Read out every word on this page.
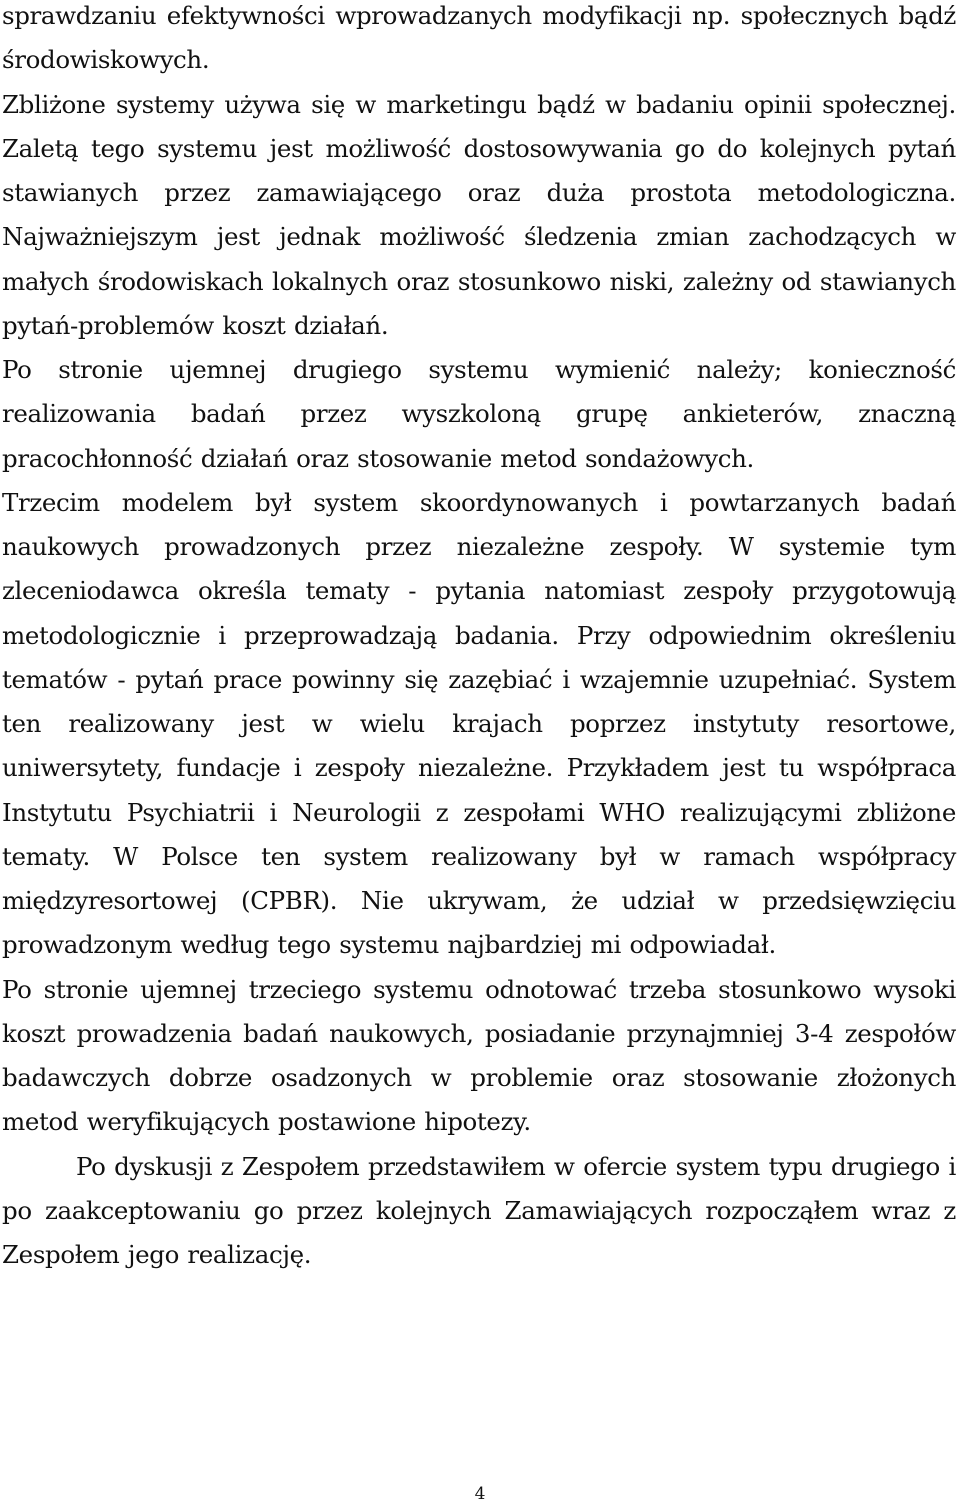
sprawdzaniu efektywności wprowadzanych modyfikacji np. społecznych bądź środowiskowych.

Zbliżone systemy używa się w marketingu bądź w badaniu opinii społecznej. Zaletą tego systemu jest możliwość dostosowywania go do kolejnych pytań stawianych przez zamawiającego oraz duża prostota metodologiczna. Najważniejszym jest jednak możliwość śledzenia zmian zachodzących w małych środowiskach lokalnych oraz stosunkowo niski, zależny od stawianych pytań-problemów koszt działań.

Po stronie ujemnej drugiego systemu wymienić należy; konieczność realizowania badań przez wyszkoloną grupę ankieterów, znaczną pracochłonność działań oraz stosowanie metod sondażowych.

Trzecim modelem był system skoordynowanych i powtarzanych badań naukowych prowadzonych przez niezależne zespoły. W systemie tym zleceniodawca określa tematy - pytania natomiast zespoły przygotowują metodologicznie i przeprowadzają badania. Przy odpowiednim określeniu tematów - pytań prace powinny się zazębiać i wzajemnie uzupełniać. System ten realizowany jest w wielu krajach poprzez instytuty resortowe, uniwersytety, fundacje i zespoły niezależne. Przykładem jest tu współpraca Instytutu Psychiatrii i Neurologii z zespołami WHO realizującymi zbliżone tematy. W Polsce ten system realizowany był w ramach współpracy międzyresortowej (CPBR). Nie ukrywam, że udział w przedsięwzięciu prowadzonym według tego systemu najbardziej mi odpowiadał.

Po stronie ujemnej trzeciego systemu odnotować trzeba stosunkowo wysoki koszt prowadzenia badań naukowych, posiadanie przynajmniej 3-4 zespołów badawczych dobrze osadzonych w problemie oraz stosowanie złożonych metod weryfikujących postawione hipotezy.

Po dyskusji z Zespołem przedstawiłem w ofercie system typu drugiego i po zaakceptowaniu go przez kolejnych Zamawiających rozpocząłem wraz z Zespołem jego realizację.

4
